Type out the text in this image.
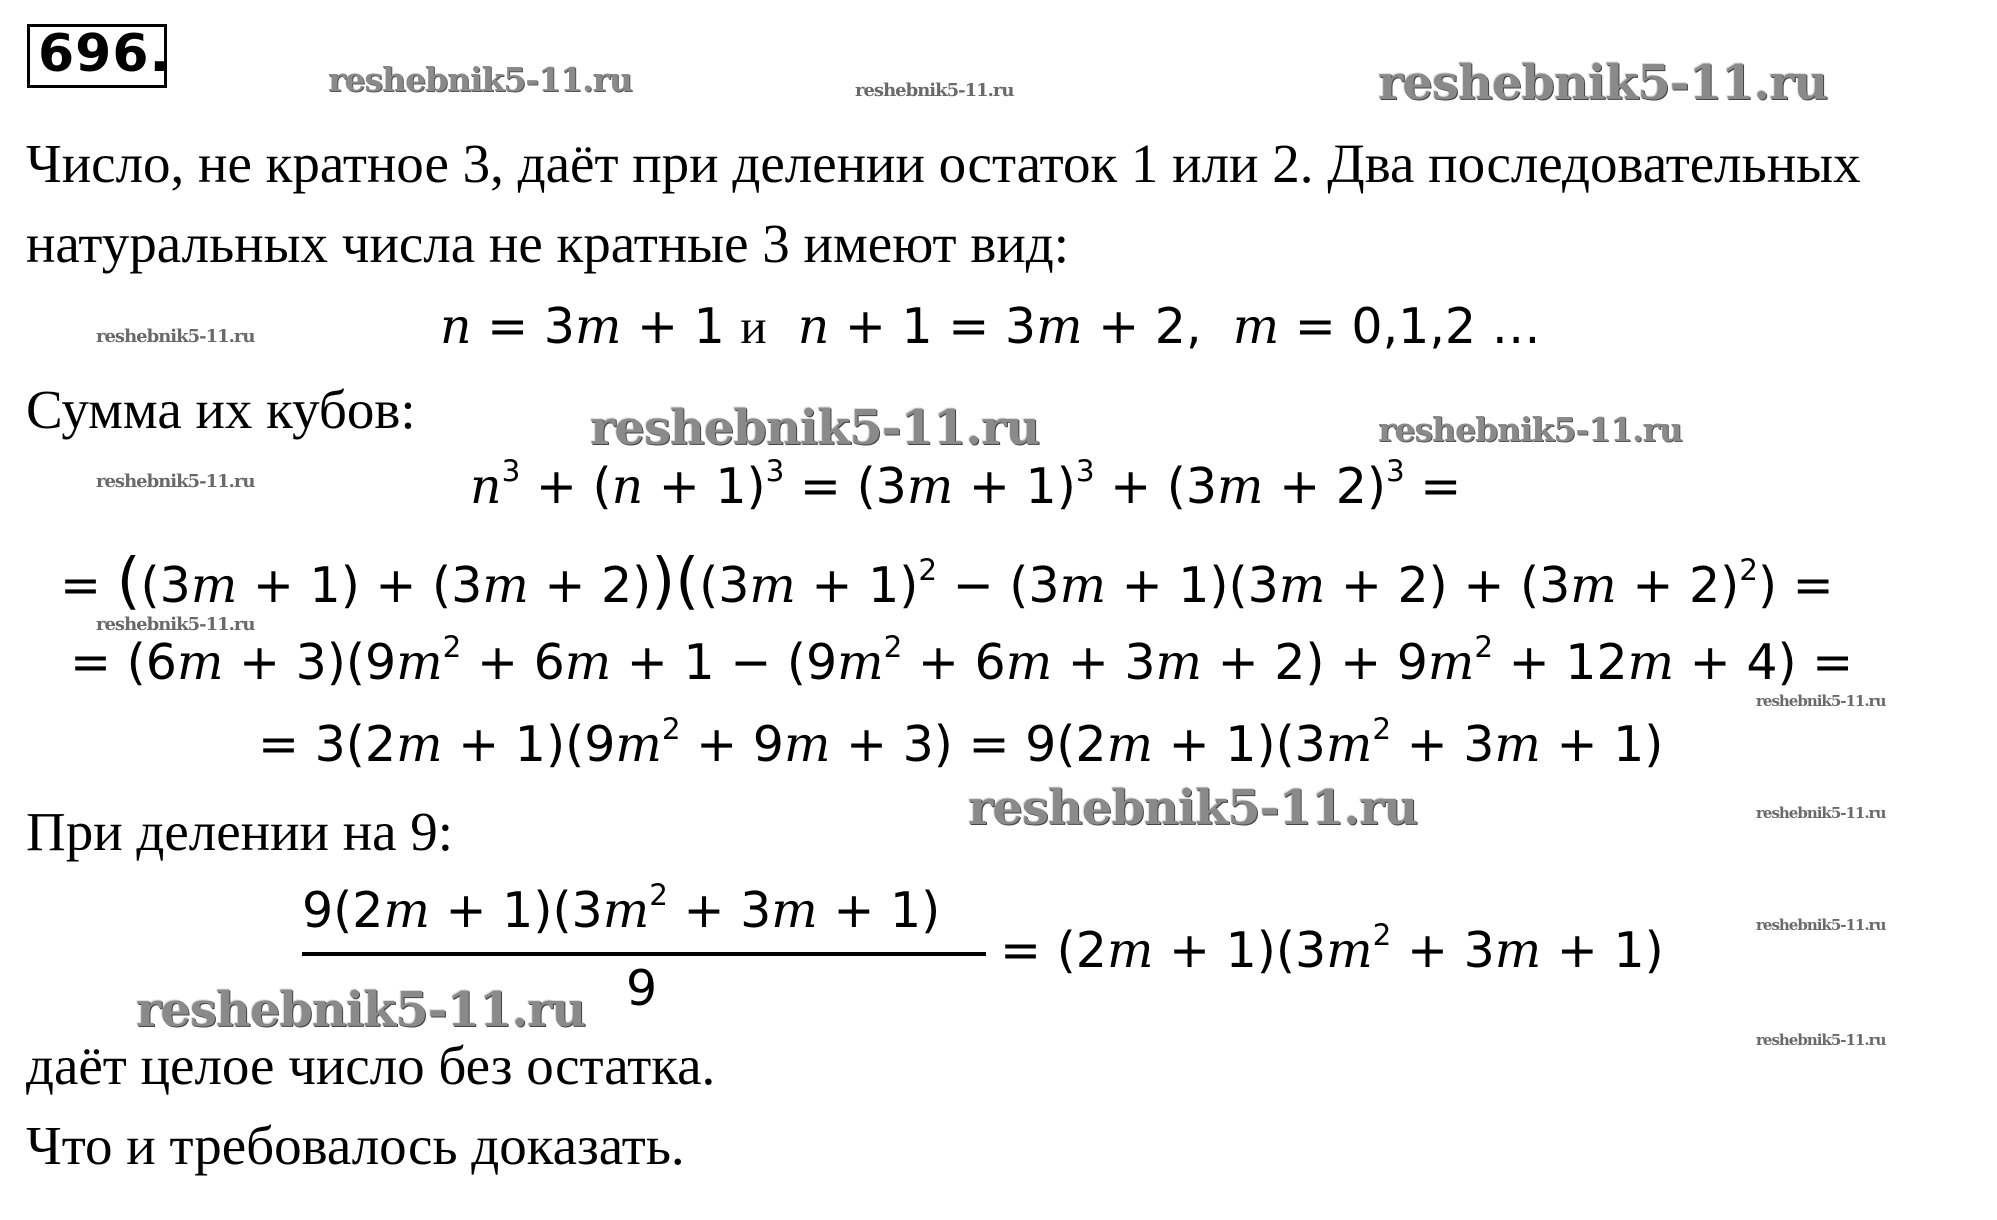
696.	reshebnik5-11.ru	reshebnik5-11.ru	reshebnik5-11.ru
reshebnik5-11.ru
reshebnik5-11.ru	reshebnik5-11.ru
reshebnik5-11.ru
reshebnik5-11.ru
reshebnik5-11.ru
reshebnik5-11.ru	reshebnik5-11.ru
reshebnik5-11.ru
reshebnik5-11.ru
reshebnik5-11.ru
Число, не кратное 3, даёт при делении остаток 1 или 2. Два последовательных
натуральных числа не кратные 3 имеют вид:
n = 3m + 1 и n + 1 = 3m + 2,  m = 0,1,2 …
Сумма их кубов:
$n^3 + (n + 1)^3 = (3m + 1)^3 + (3m + 2)^3$ =
= $((3m + 1) + (3m + 2))((3m + 1)^2 - (3m + 1)(3m + 2) + (3m + 2)^2)$ =
= $(6m + 3)(9m^2 + 6m + 1 - (9m^2 + 6m + 3m + 2) + 9m^2 + 12m + 4)$ =
= $3(2m + 1)(9m^2 + 9m + 3) = 9(2m + 1)(3m^2 + 3m + 1)$
При делении на 9:
$9(2m + 1)(3m^2 + 3m + 1)$
9
= $(2m + 1)(3m^2 + 3m + 1)$
даёт целое число без остатка.
Что и требовалось доказать.
